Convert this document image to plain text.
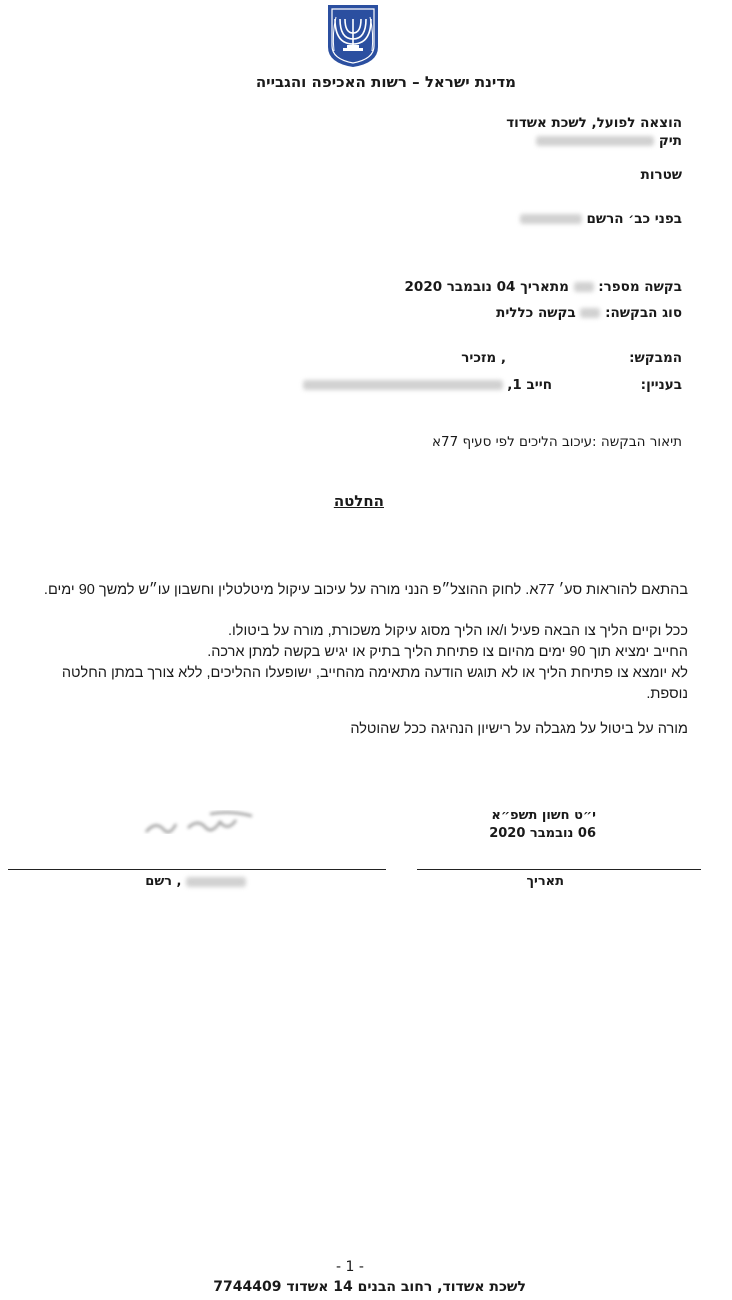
מדינת ישראל – רשות האכיפה והגבייה
הוצאה לפועל, לשכת אשדוד
תיק
שטרות
בפני כב׳ הרשם
בקשה מספר:  מתאריך 04 נובמבר 2020
סוג הבקשה:  בקשה כללית
המבקש:
, מזכיר
בעניין:
חייב 1,
תיאור הבקשה :עיכוב הליכים לפי סעיף 77א
החלטה
בהתאם להוראות סע׳ 77א. לחוק ההוצל״פ הנני מורה על עיכוב עיקול מיטלטלין וחשבון עו״ש למשך 90 ימים.
ככל וקיים הליך צו הבאה פעיל ו/או הליך מסוג עיקול משכורת, מורה על ביטולו.
החייב ימציא תוך 90 ימים מהיום צו פתיחת הליך בתיק או יגיש בקשה למתן ארכה.
לא יומצא צו פתיחת הליך או לא תוגש הודעה מתאימה מהחייב, ישופעלו ההליכים, ללא צורך במתן החלטה נוספת.
מורה על ביטול על מגבלה על רישיון הנהיגה ככל שהוטלה
י״ט חשון תשפ״א
06 נובמבר 2020
, רשם	תאריך
- 1 -
לשכת אשדוד, רחוב הבנים 14 אשדוד 7744409
